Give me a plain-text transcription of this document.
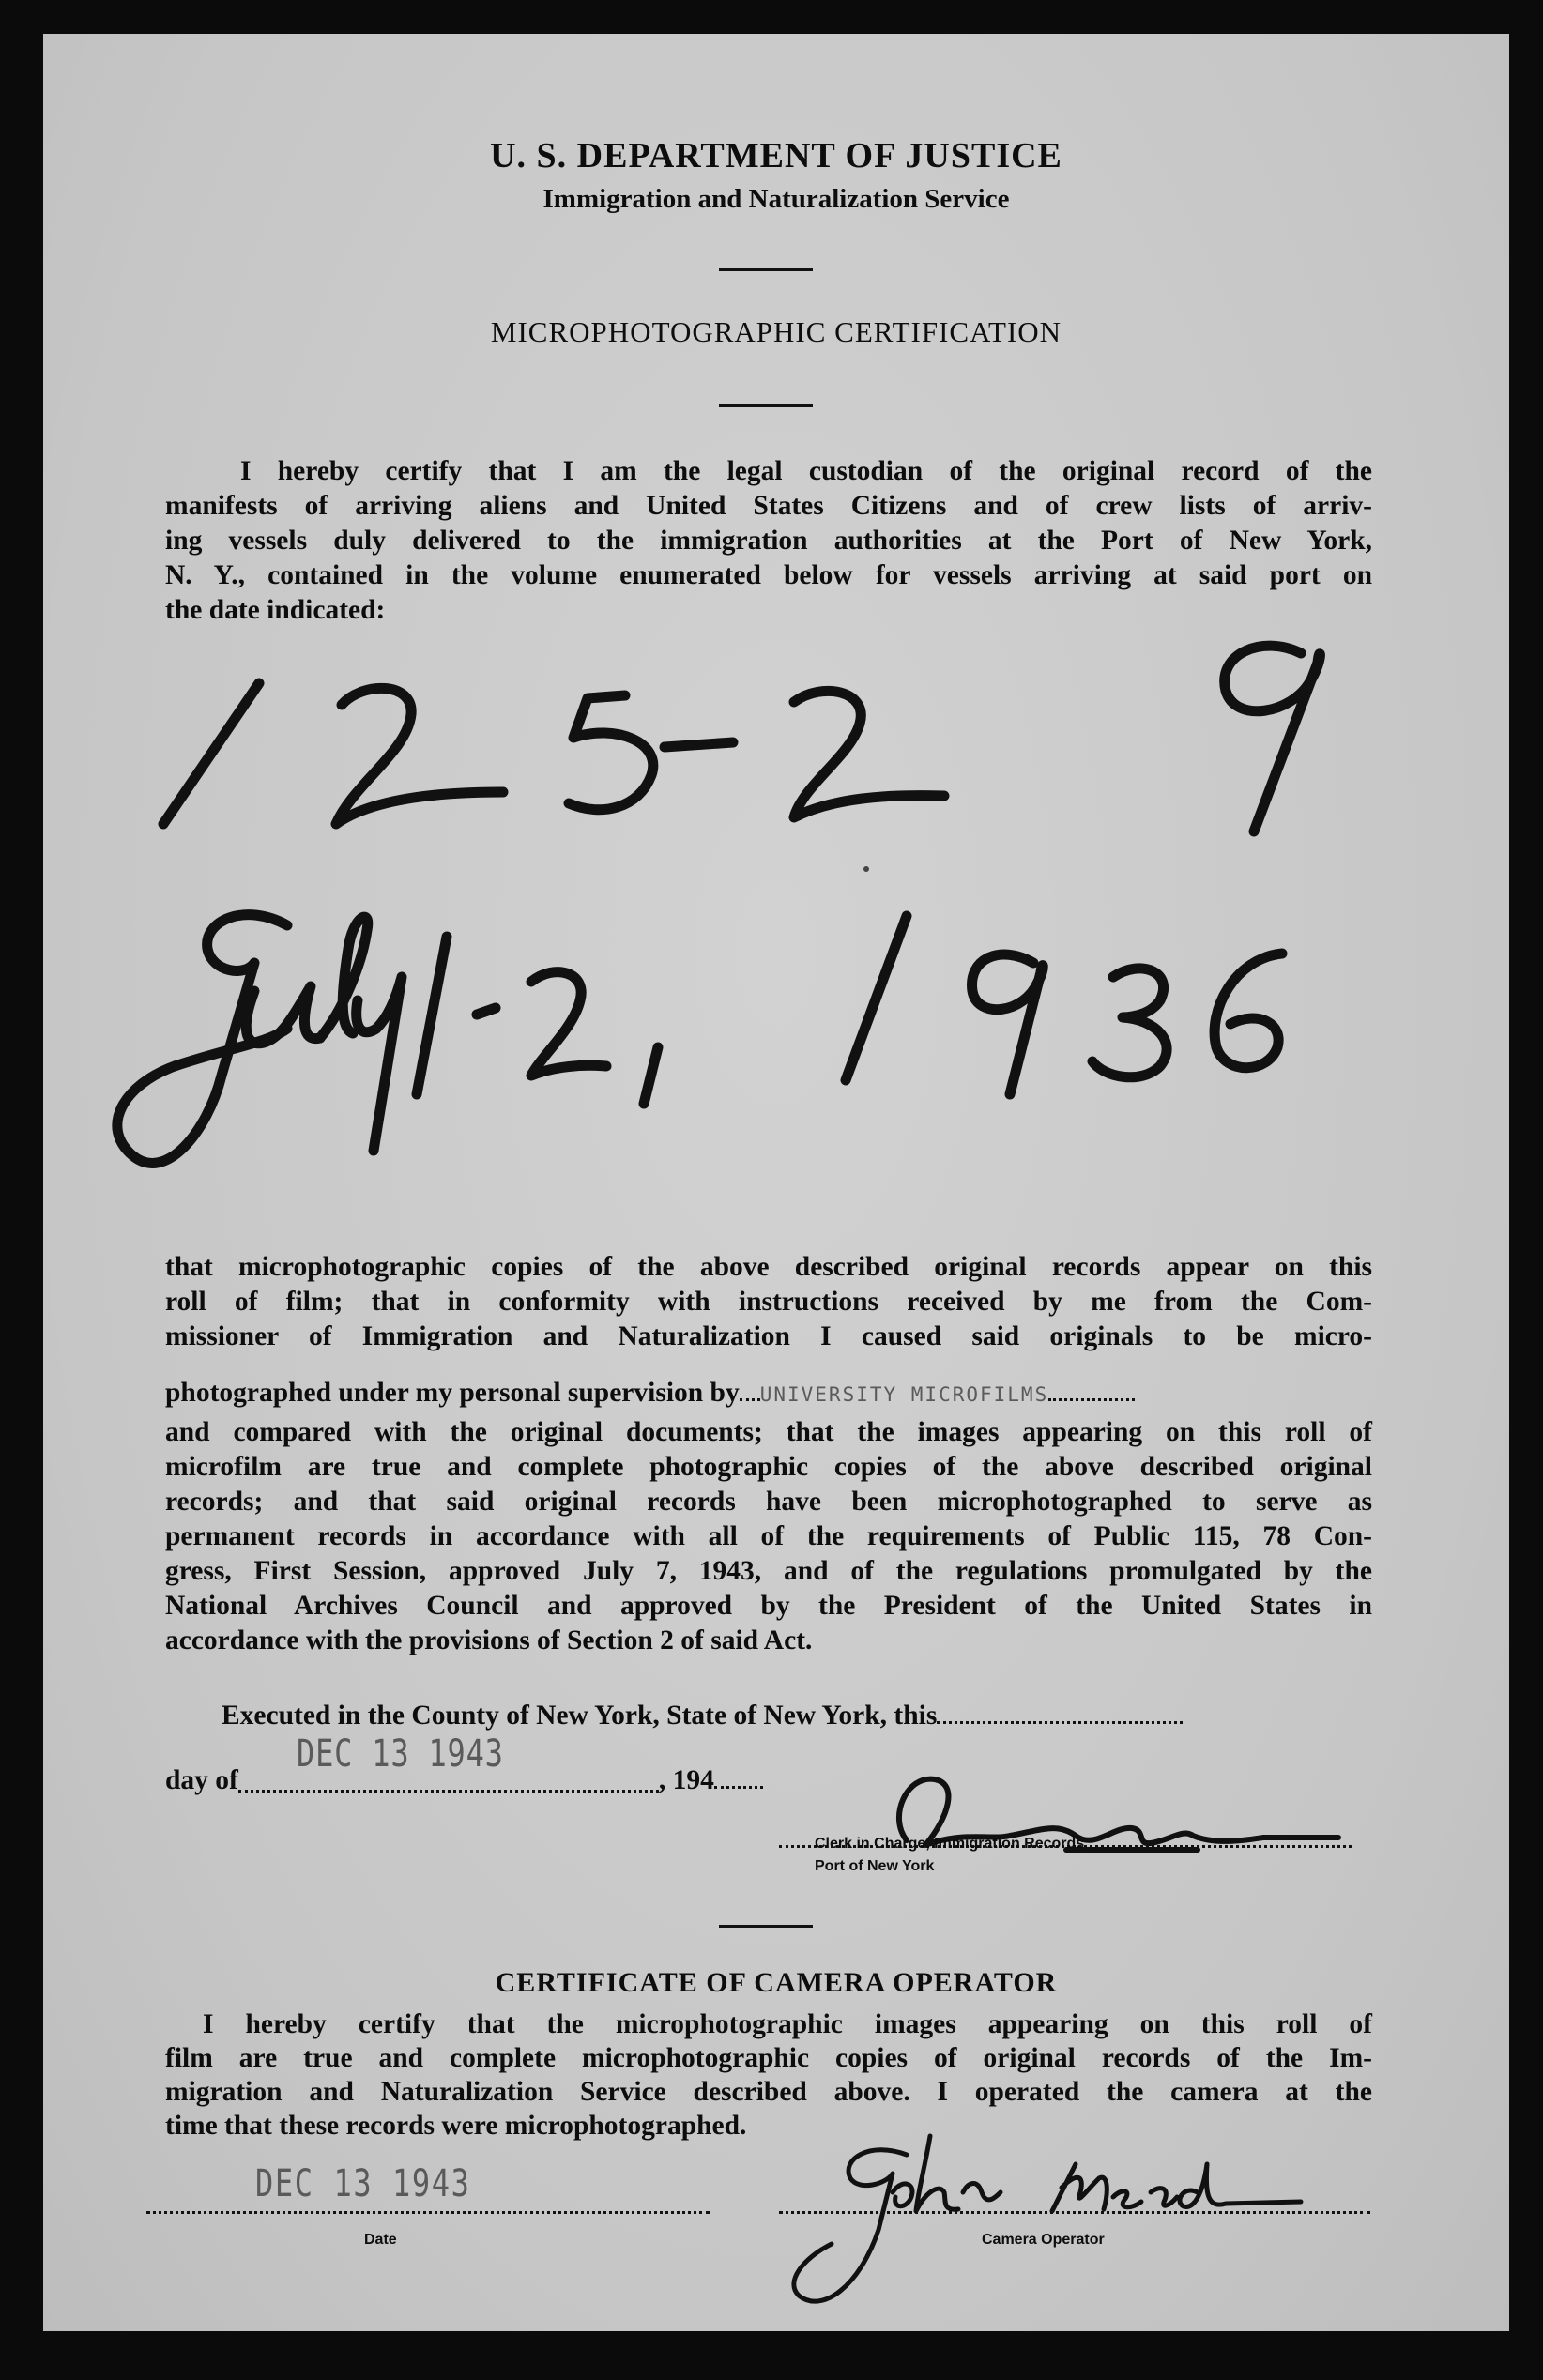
U. S. DEPARTMENT OF JUSTICE
Immigration and Naturalization Service
MICROPHOTOGRAPHIC CERTIFICATION
I hereby certify that I am the legal custodian of the original record of the
manifests of arriving aliens and United States Citizens and of crew lists of arriv-
ing vessels duly delivered to the immigration authorities at the Port of New York,
N. Y., contained in the volume enumerated below for vessels arriving at said port on
the date indicated:
that microphotographic copies of the above described original records appear on this
roll of film; that in conformity with instructions received by me from the Com-
missioner of Immigration and Naturalization I caused said originals to be micro-
photographed under my personal supervision by UNIVERSITY MICROFILMS
and compared with the original documents; that the images appearing on this roll of
microfilm are true and complete photographic copies of the above described original
records; and that said original records have been microphotographed to serve as
permanent records in accordance with all of the requirements of Public 115, 78 Con-
gress, First Session, approved July 7, 1943, and of the regulations promulgated by the
National Archives Council and approved by the President of the United States in
accordance with the provisions of Section 2 of said Act.
Executed in the County of New York, State of New York, this
day of
DEC 13 1943
, 194
Clerk in Charge, Immigration Records
Port of New York
CERTIFICATE OF CAMERA OPERATOR
I hereby certify that the microphotographic images appearing on this roll of
film are true and complete microphotographic copies of original records of the Im-
migration and Naturalization Service described above. I operated the camera at the
time that these records were microphotographed.
DEC 13 1943
Date	Camera Operator
